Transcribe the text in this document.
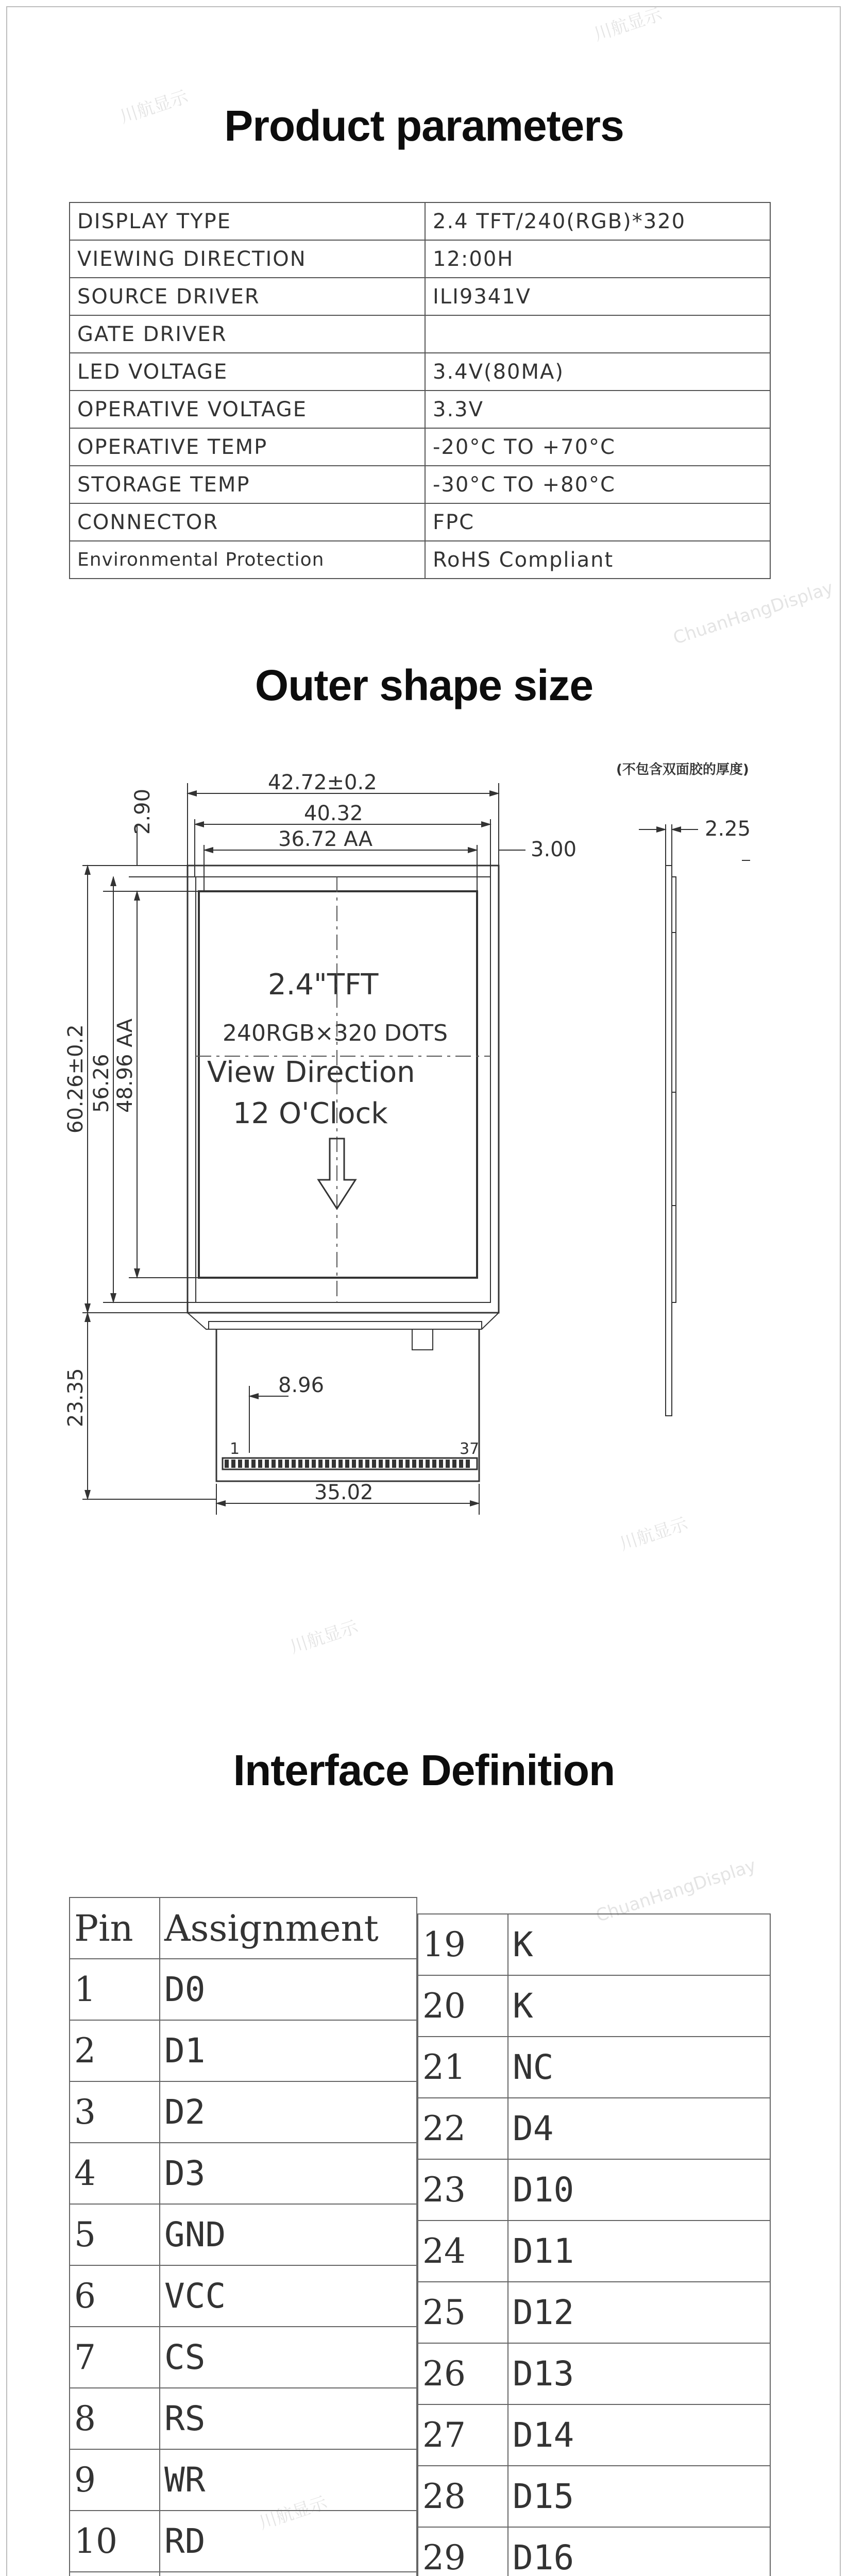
川航显示
川航显示
ChuanHangDisplay
川航显示
川航显示
ChuanHangDisplay
川航显示
Product parameters
DISPLAY TYPE	2.4 TFT/240(RGB)*320
VIEWING DIRECTION	12:00H
SOURCE DRIVER	ILI9341V
GATE DRIVER	
LED VOLTAGE	3.4V(80MA)
OPERATIVE VOLTAGE	3.3V
OPERATIVE TEMP	-20°C TO +70°C
STORAGE TEMP	-30°C TO +80°C
CONNECTOR	FPC
Environmental Protection	RoHS Compliant
Outer shape size
2.4"TFT
240RGB×320 DOTS
View Direction
12 O'Clock
1	37
42.72±0.2
40.32
36.72 AA	3.00
2.90
60.26±0.2 56.26 48.96 AA
23.35	8.96
35.02
(不包含双面胶的厚度)
2.25
Interface Definition
Pin	Assignment
1	D0
2	D1
3	D2
4	D3
5	GND
6	VCC
7	CS
8	RS
9	WR
10	RD

19	K
20	K
21	NC
22	D4
23	D10
24	D11
25	D12
26	D13
27	D14
28	D15
29	D16
